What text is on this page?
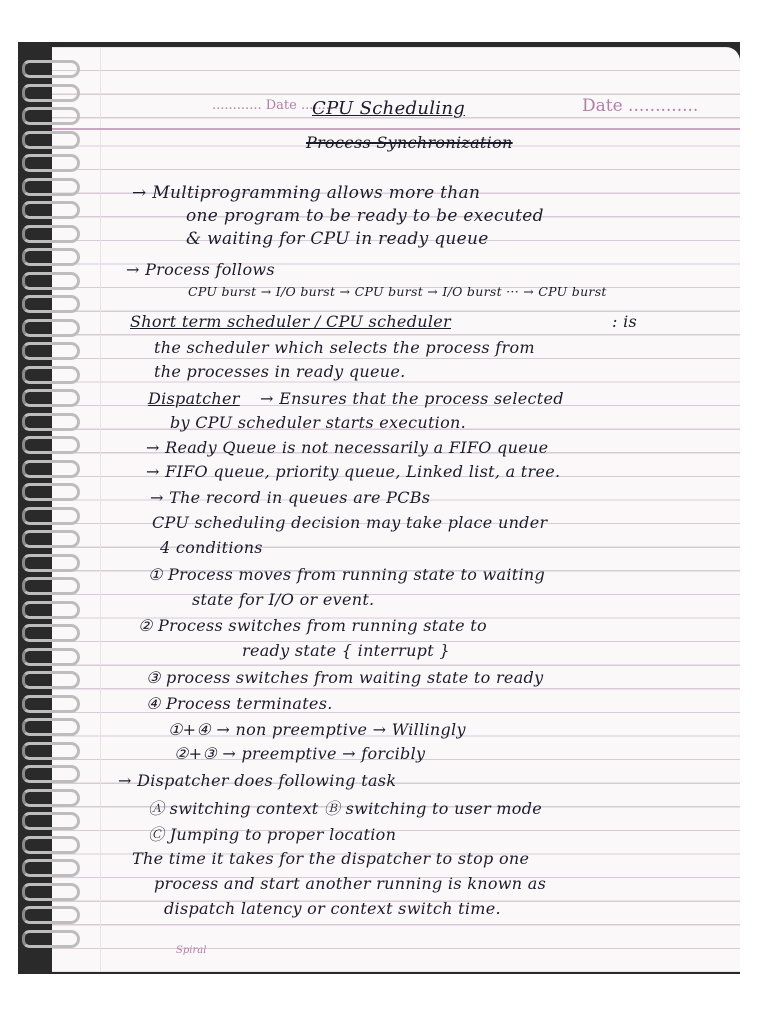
............ Date ..........	Date .............
CPU Scheduling
Process Synchronization
→ Multiprogramming allows more than
one program to be ready to be executed
& waiting for CPU in ready queue
→ Process follows
CPU burst → I/O burst → CPU burst → I/O burst ··· → CPU burst
Short term scheduler / CPU scheduler	: is
the scheduler which selects the process from
the processes in ready queue.
Dispatcher → Ensures that the process selected
by CPU scheduler starts execution.
→ Ready Queue is not necessarily a FIFO queue
→ FIFO queue, priority queue, Linked list, a tree.
→ The record in queues are PCBs
CPU scheduling decision may take place under
4 conditions
① Process moves from running state to waiting
state for I/O or event.
② Process switches from running state to
ready state { interrupt }
③ process switches from waiting state to ready
④ Process terminates.
①+④ → non preemptive → Willingly
②+③ → preemptive → forcibly
→ Dispatcher does following task
Ⓐ switching context Ⓑ switching to user mode
Ⓒ Jumping to proper location
The time it takes for the dispatcher to stop one
process and start another running is known as
dispatch latency or context switch time.
Spiral
